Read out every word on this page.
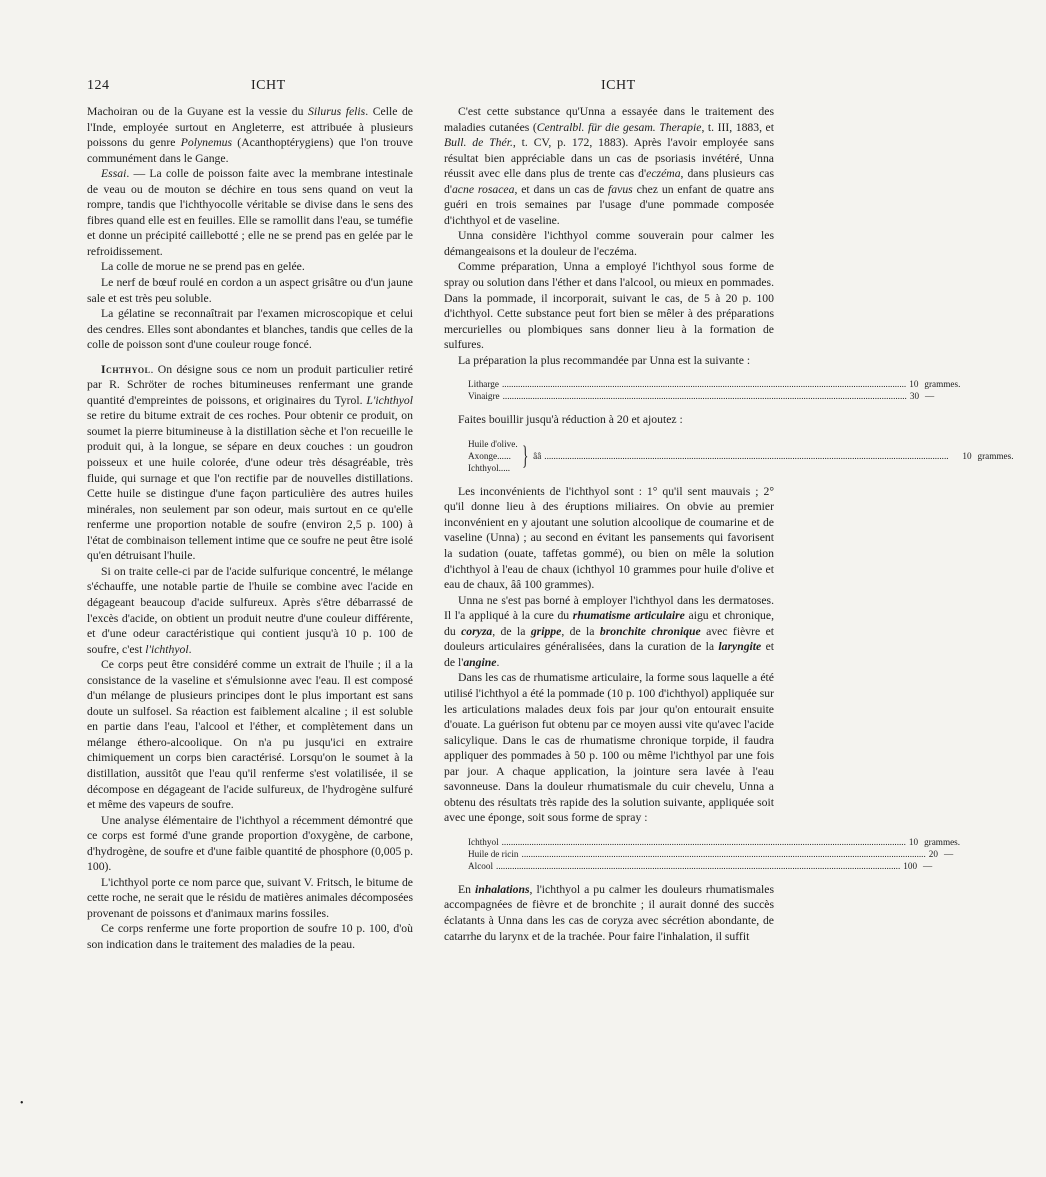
124	ICHT	ICHT

Machoiran ou de la Guyane est la vessie du Silurus felis. Celle de l'Inde, employée surtout en Angleterre, est attribuée à plusieurs poissons du genre Polynemus (Acanthoptérygiens) que l'on trouve communément dans le Gange.

Essai. — La colle de poisson faite avec la membrane intestinale de veau ou de mouton se déchire en tous sens quand on veut la rompre, tandis que l'ichthyocolle véritable se divise dans le sens des fibres quand elle est en feuilles. Elle se ramollit dans l'eau, se tuméfie et donne un précipité caillebotté ; elle ne se prend pas en gelée par le refroidissement.

La colle de morue ne se prend pas en gelée.

Le nerf de bœuf roulé en cordon a un aspect grisâtre ou d'un jaune sale et est très peu soluble.

La gélatine se reconnaîtrait par l'examen microscopique et celui des cendres. Elles sont abondantes et blanches, tandis que celles de la colle de poisson sont d'une couleur rouge foncé.

Ichthyol. On désigne sous ce nom un produit particulier retiré par R. Schröter de roches bitumineuses renfermant une grande quantité d'empreintes de poissons, et originaires du Tyrol. L'ichthyol se retire du bitume extrait de ces roches. Pour obtenir ce produit, on soumet la pierre bitumineuse à la distillation sèche et l'on recueille le produit qui, à la longue, se sépare en deux couches : un goudron poisseux et une huile colorée, d'une odeur très désagréable, très fluide, qui surnage et que l'on rectifie par de nouvelles distillations. Cette huile se distingue d'une façon particulière des autres huiles minérales, non seulement par son odeur, mais surtout en ce qu'elle renferme une proportion notable de soufre (environ 2,5 p. 100) à l'état de combinaison tellement intime que ce soufre ne peut être isolé qu'en détruisant l'huile.

Si on traite celle-ci par de l'acide sulfurique concentré, le mélange s'échauffe, une notable partie de l'huile se combine avec l'acide en dégageant beaucoup d'acide sulfureux. Après s'être débarrassé de l'excès d'acide, on obtient un produit neutre d'une couleur différente, et d'une odeur caractéristique qui contient jusqu'à 10 p. 100 de soufre, c'est l'ichthyol.

Ce corps peut être considéré comme un extrait de l'huile ; il a la consistance de la vaseline et s'émulsionne avec l'eau. Il est composé d'un mélange de plusieurs principes dont le plus important est sans doute un sulfosel. Sa réaction est faiblement alcaline ; il est soluble en partie dans l'eau, l'alcool et l'éther, et complètement dans un mélange éthero-alcoolique. On n'a pu jusqu'ici en extraire chimiquement un corps bien caractérisé. Lorsqu'on le soumet à la distillation, aussitôt que l'eau qu'il renferme s'est volatilisée, il se décompose en dégageant de l'acide sulfureux, de l'hydrogène sulfuré et même des vapeurs de soufre.

Une analyse élémentaire de l'ichthyol a récemment démontré que ce corps est formé d'une grande proportion d'oxygène, de carbone, d'hydrogène, de soufre et d'une faible quantité de phosphore (0,005 p. 100).

L'ichthyol porte ce nom parce que, suivant V. Fritsch, le bitume de cette roche, ne serait que le résidu de matières animales décomposées provenant de poissons et d'animaux marins fossiles.

Ce corps renferme une forte proportion de soufre 10 p. 100, d'où son indication dans le traitement des maladies de la peau.

C'est cette substance qu'Unna a essayée dans le traitement des maladies cutanées (Centralbl. für die gesam. Therapie, t. III, 1883, et Bull. de Thér., t. CV, p. 172, 1883). Après l'avoir employée sans résultat bien appréciable dans un cas de psoriasis invétéré, Unna réussit avec elle dans plus de trente cas d'eczéma, dans plusieurs cas d'acne rosacea, et dans un cas de favus chez un enfant de quatre ans guéri en trois semaines par l'usage d'une pommade composée d'ichthyol et de vaseline.

Unna considère l'ichthyol comme souverain pour calmer les démangeaisons et la douleur de l'eczéma.

Comme préparation, Unna a employé l'ichthyol sous forme de spray ou solution dans l'éther et dans l'alcool, ou mieux en pommades. Dans la pommade, il incorporait, suivant le cas, de 5 à 20 p. 100 d'ichthyol. Cette substance peut fort bien se mêler à des préparations mercurielles ou plombiques sans donner lieu à la formation de sulfures.

La préparation la plus recommandée par Unna est la suivante :

Litharge .....	10 grammes.
Vinaigre .....	30 —

Faites bouillir jusqu'à réduction à 20 et ajoutez :

Huile d'olive.
Axonge......
Ichthyol..... } ââ .....	10 grammes.

Les inconvénients de l'ichthyol sont : 1° qu'il sent mauvais ; 2° qu'il donne lieu à des éruptions miliaires. On obvie au premier inconvénient en y ajoutant une solution alcoolique de coumarine et de vaseline (Unna) ; au second en évitant les pansements qui favorisent la sudation (ouate, taffetas gommé), ou bien on mêle la solution d'ichthyol à l'eau de chaux (ichthyol 10 grammes pour huile d'olive et eau de chaux, ââ 100 grammes).

Unna ne s'est pas borné à employer l'ichthyol dans les dermatoses. Il l'a appliqué à la cure du rhumatisme articulaire aigu et chronique, du coryza, de la grippe, de la bronchite chronique avec fièvre et douleurs articulaires généralisées, dans la curation de la laryngite et de l'angine.

Dans les cas de rhumatisme articulaire, la forme sous laquelle a été utilisé l'ichthyol a été la pommade (10 p. 100 d'ichthyol) appliquée sur les articulations malades deux fois par jour qu'on entourait ensuite d'ouate. La guérison fut obtenu par ce moyen aussi vite qu'avec l'acide salicylique. Dans le cas de rhumatisme chronique torpide, il faudra appliquer des pommades à 50 p. 100 ou même l'ichthyol par une fois par jour. A chaque application, la jointure sera lavée à l'eau savonneuse. Dans la douleur rhumatismale du cuir chevelu, Unna a obtenu des résultats très rapide des la solution suivante, appliquée soit avec une éponge, soit sous forme de spray :

Ichthyol .....	10 grammes.
Huile de ricin .....	20 —
Alcool .....	100 —

En inhalations, l'ichthyol a pu calmer les douleurs rhumatismales accompagnées de fièvre et de bronchite ; il aurait donné des succès éclatants à Unna dans les cas de coryza avec sécrétion abondante, de catarrhe du larynx et de la trachée. Pour faire l'inhalation, il suffit

•
